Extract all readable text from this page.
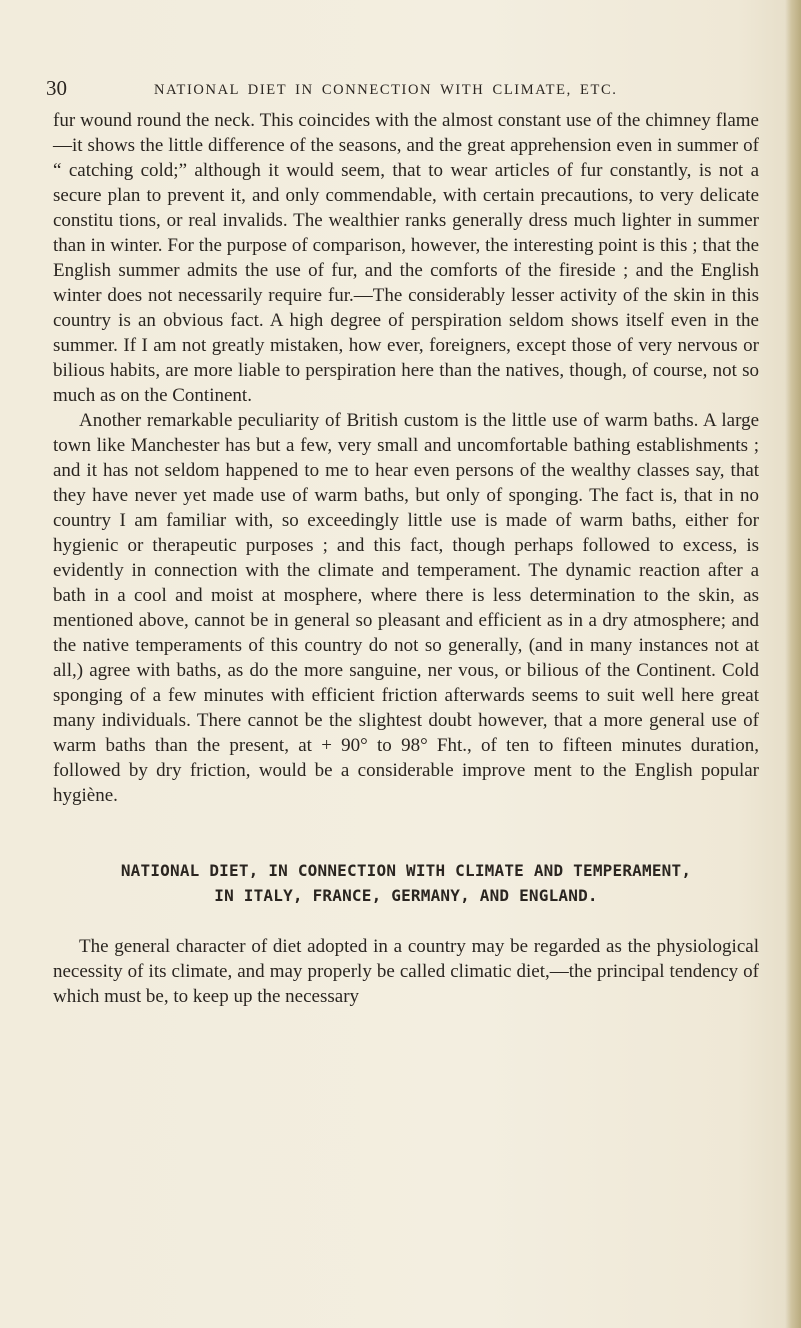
30	NATIONAL DIET IN CONNECTION WITH CLIMATE, ETC.

fur wound round the neck. This coincides with the almost constant use of the chimney flame—it shows the little difference of the seasons, and the great apprehension even in summer of “ catching cold;” although it would seem, that to wear articles of fur constantly, is not a secure plan to prevent it, and only commendable, with certain precautions, to very delicate constitu tions, or real invalids. The wealthier ranks generally dress much lighter in summer than in winter. For the purpose of comparison, however, the interesting point is this ; that the English summer admits the use of fur, and the comforts of the fireside ; and the English winter does not necessarily require fur.—The considerably lesser activity of the skin in this country is an obvious fact. A high degree of perspiration seldom shows itself even in the summer. If I am not greatly mistaken, how ever, foreigners, except those of very nervous or bilious habits, are more liable to perspiration here than the natives, though, of course, not so much as on the Continent.

Another remarkable peculiarity of British custom is the little use of warm baths. A large town like Manchester has but a few, very small and uncomfortable bathing establishments ; and it has not seldom happened to me to hear even persons of the wealthy classes say, that they have never yet made use of warm baths, but only of sponging. The fact is, that in no country I am familiar with, so exceedingly little use is made of warm baths, either for hygienic or therapeutic purposes ; and this fact, though perhaps followed to excess, is evidently in connection with the climate and temperament. The dynamic reaction after a bath in a cool and moist at mosphere, where there is less determination to the skin, as mentioned above, cannot be in general so pleasant and efficient as in a dry atmosphere; and the native temperaments of this country do not so generally, (and in many instances not at all,) agree with baths, as do the more sanguine, ner vous, or bilious of the Continent. Cold sponging of a few minutes with efficient friction afterwards seems to suit well here great many individuals. There cannot be the slightest doubt however, that a more general use of warm baths than the present, at + 90° to 98° Fht., of ten to fifteen minutes duration, followed by dry friction, would be a considerable improve ment to the English popular hygiène.

NATIONAL DIET, IN CONNECTION WITH CLIMATE AND TEMPERAMENT,
IN ITALY, FRANCE, GERMANY, AND ENGLAND.

The general character of diet adopted in a country may be regarded as the physiological necessity of its climate, and may properly be called climatic diet,—the principal tendency of which must be, to keep up the necessary
